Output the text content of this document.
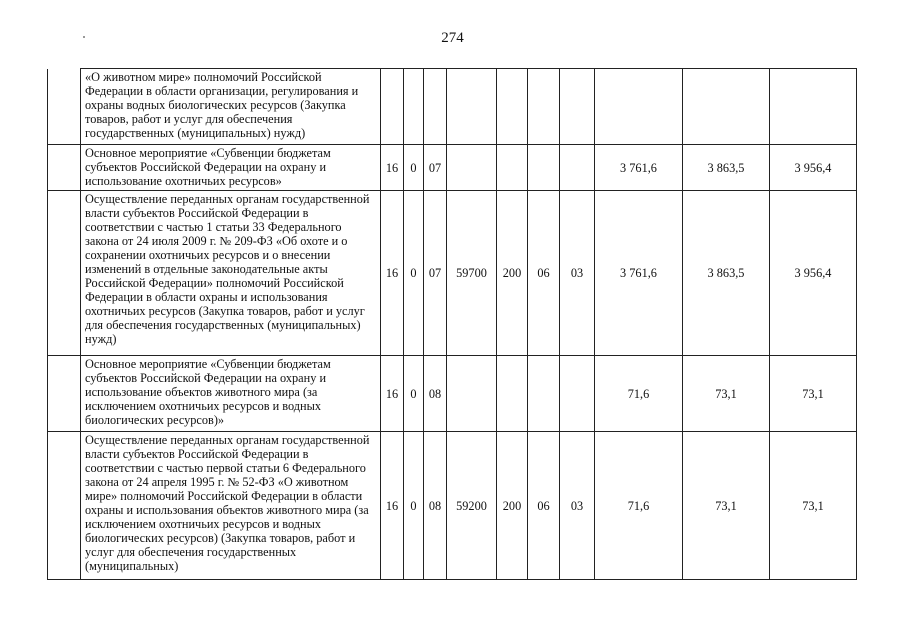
274
	«О животном мире» полномочий Российской Федерации в области организации, регулирования и охраны водных биологических ресурсов (Закупка товаров, работ и услуг для обеспечения государственных (муниципальных) нужд)										
	Основное мероприятие «Субвенции бюджетам субъектов Российской Федерации на охрану и использование охотничьих ресурсов»	16	0	07					3 761,6	3 863,5	3 956,4
	Осуществление переданных органам государственной власти субъектов Российской Федерации в соответствии с частью 1 статьи 33 Федерального закона от 24 июля 2009 г. № 209-ФЗ «Об охоте и о сохранении охотничьих ресурсов и о внесении изменений в отдельные законодательные акты Российской Федерации» полномочий Российской Федерации в области охраны и использования охотничьих ресурсов (Закупка товаров, работ и услуг для обеспечения государственных (муниципальных) нужд)	16	0	07	59700	200	06	03	3 761,6	3 863,5	3 956,4
	Основное мероприятие «Субвенции бюджетам субъектов Российской Федерации на охрану и использование объектов животного мира (за исключением охотничьих ресурсов и водных биологических ресурсов)»	16	0	08					71,6	73,1	73,1
	Осуществление переданных органам государственной власти субъектов Российской Федерации в соответствии с частью первой статьи 6 Федерального закона от 24 апреля 1995 г. № 52-ФЗ «О животном мире» полномочий Российской Федерации в области охраны и использования объектов животного мира (за исключением охотничьих ресурсов и водных биологических ресурсов) (Закупка товаров, работ и услуг для обеспечения государственных (муниципальных)	16	0	08	59200	200	06	03	71,6	73,1	73,1
